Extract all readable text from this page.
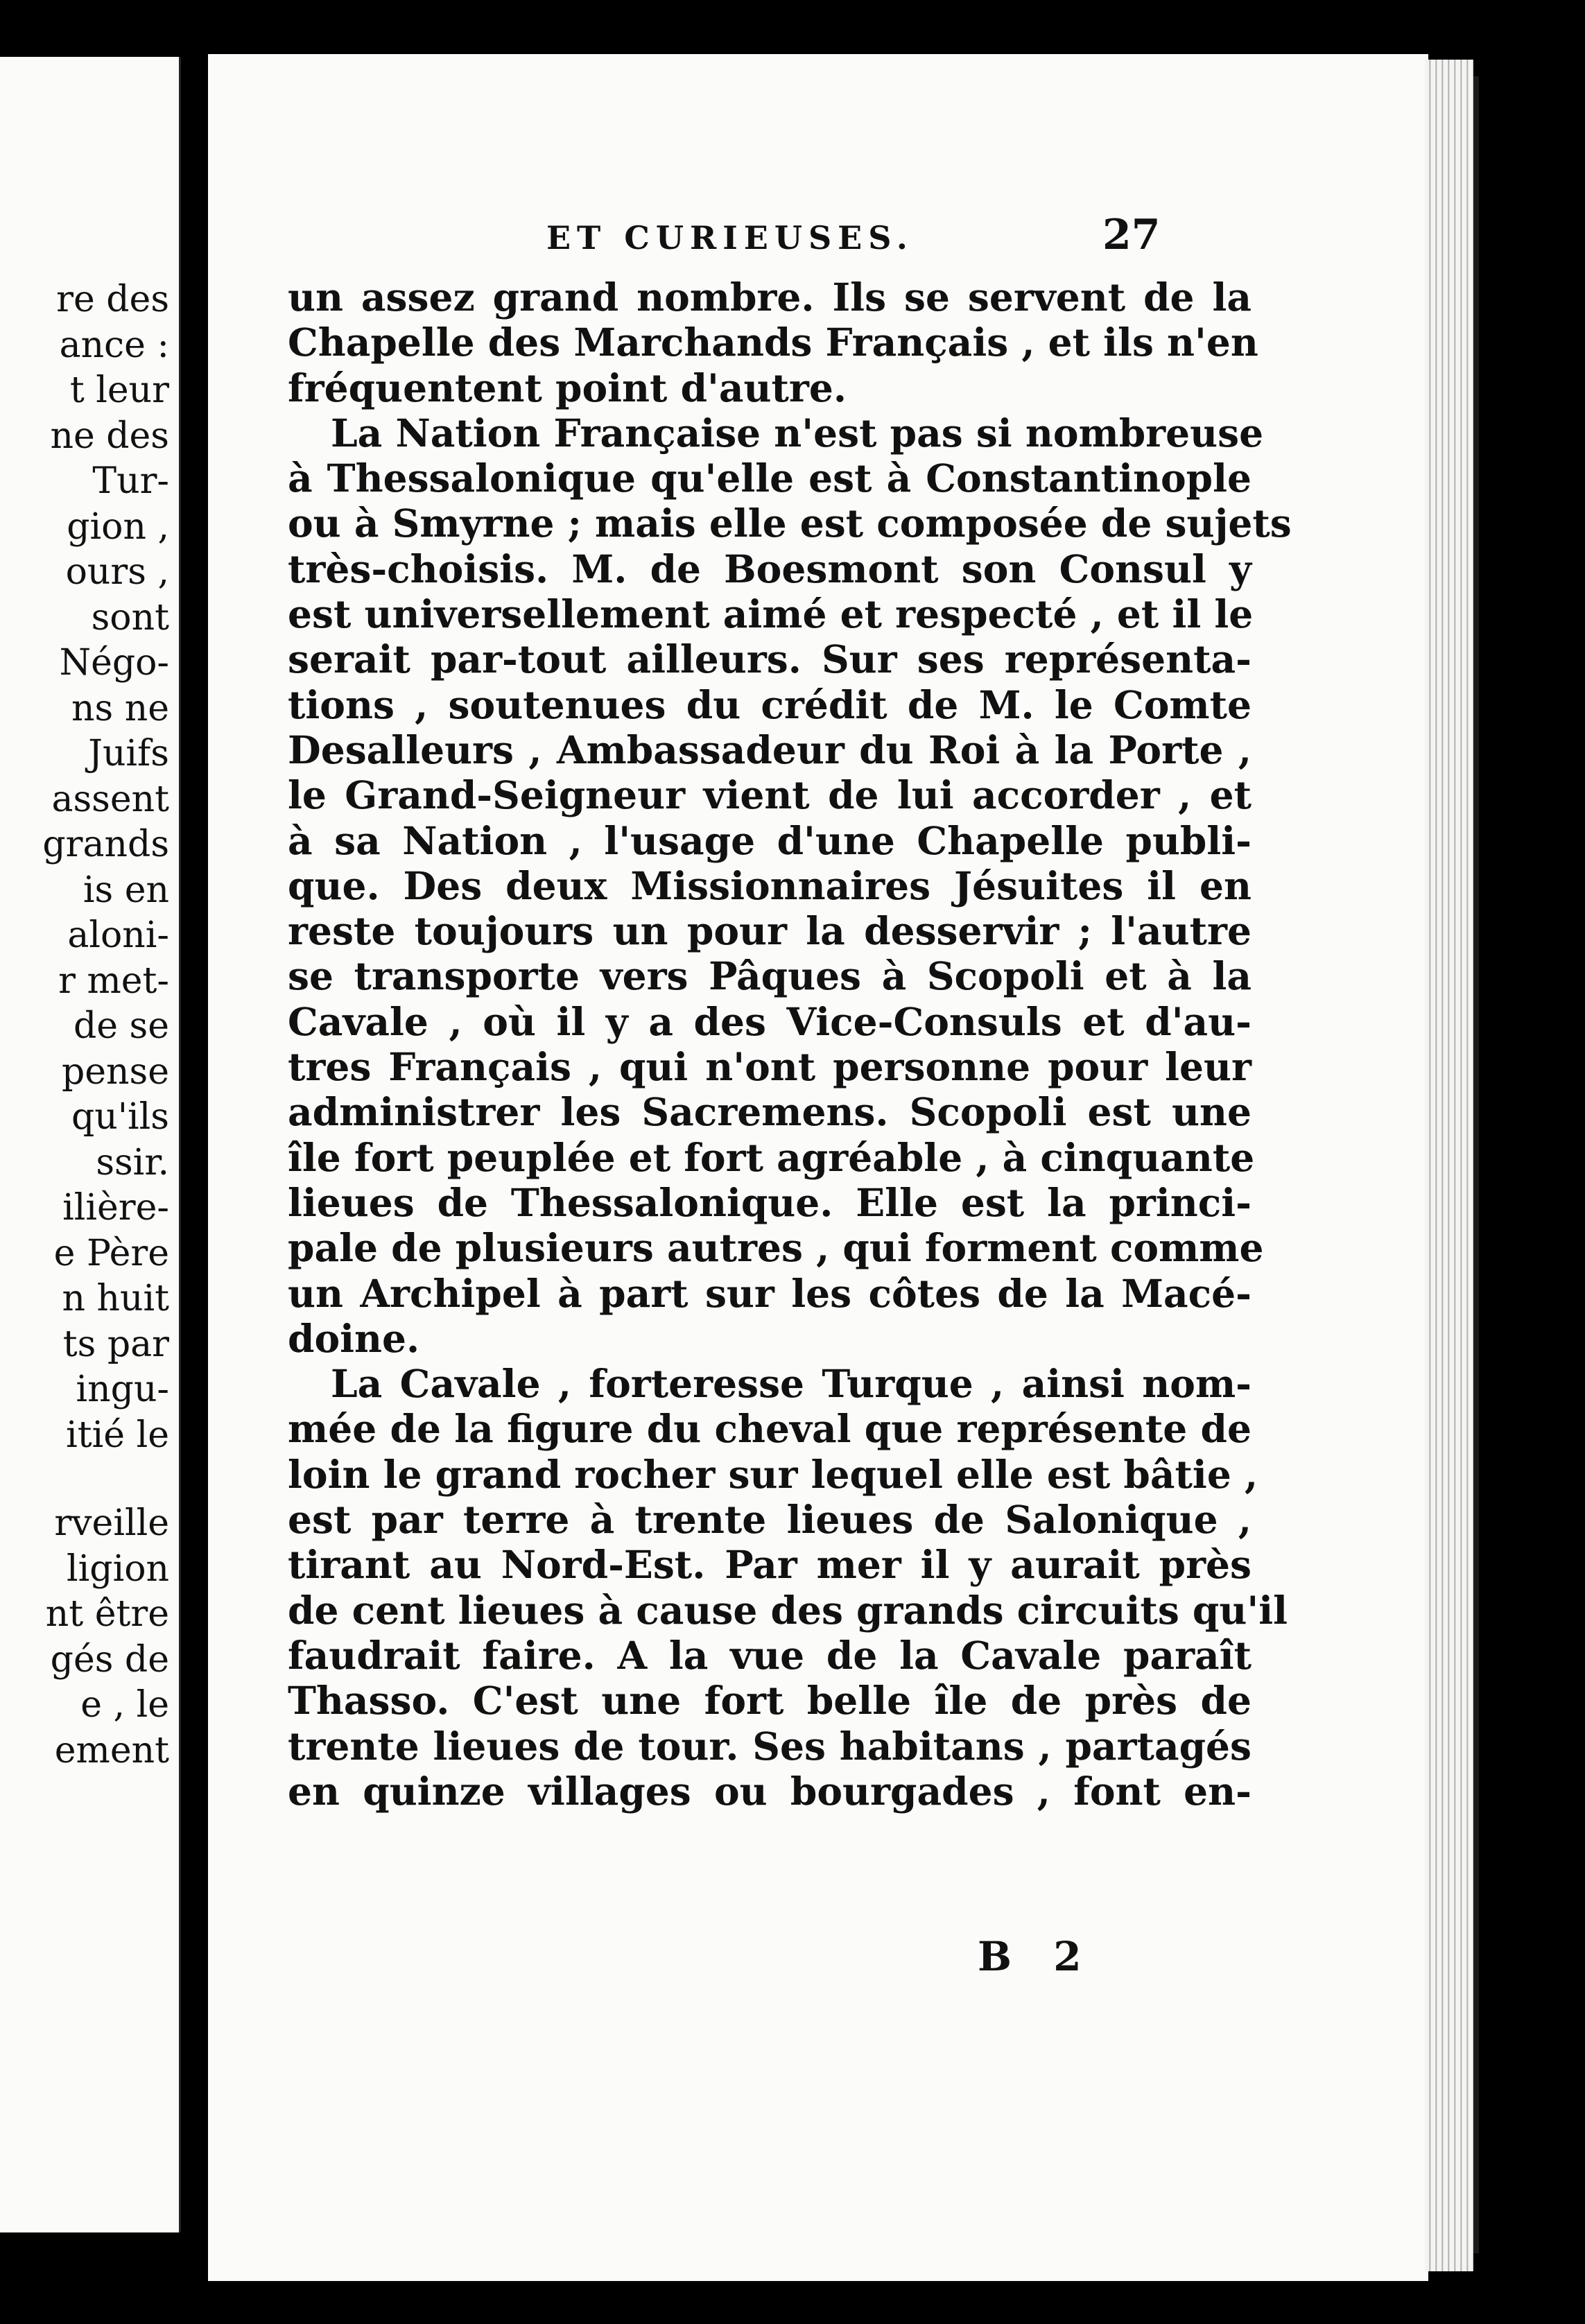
re des
ance :
t leur
ne des
Tur-
gion ,
ours ,
sont
Négo-
ns ne
Juifs
assent
grands
is en
aloni-
r met-
de se
pense
qu'ils
ssir.
ilière-
e Père
n huit
ts par
ingu-
itié le
rveille
ligion
nt être
gés de
e , le
ement
ET CURIEUSES.	27
un assez grand nombre. Ils se servent de la
Chapelle des Marchands Français , et ils n'en
fréquentent point d'autre.
La Nation Française n'est pas si nombreuse
à Thessalonique qu'elle est à Constantinople
ou à Smyrne ; mais elle est composée de sujets
très-choisis. M. de Boesmont son Consul y
est universellement aimé et respecté , et il le
serait par-tout ailleurs. Sur ses représenta-
tions , soutenues du crédit de M. le Comte
Desalleurs , Ambassadeur du Roi à la Porte ,
le Grand-Seigneur vient de lui accorder , et
à sa Nation , l'usage d'une Chapelle publi-
que. Des deux Missionnaires Jésuites il en
reste toujours un pour la desservir ; l'autre
se transporte vers Pâques à Scopoli et à la
Cavale , où il y a des Vice-Consuls et d'au-
tres Français , qui n'ont personne pour leur
administrer les Sacremens. Scopoli est une
île fort peuplée et fort agréable , à cinquante
lieues de Thessalonique. Elle est la princi-
pale de plusieurs autres , qui forment comme
un Archipel à part sur les côtes de la Macé-
doine.
La Cavale , forteresse Turque , ainsi nom-
mée de la figure du cheval que représente de
loin le grand rocher sur lequel elle est bâtie ,
est par terre à trente lieues de Salonique ,
tirant au Nord-Est. Par mer il y aurait près
de cent lieues à cause des grands circuits qu'il
faudrait faire. A la vue de la Cavale paraît
Thasso. C'est une fort belle île de près de
trente lieues de tour. Ses habitans , partagés
en quinze villages ou bourgades , font en-
B 2
